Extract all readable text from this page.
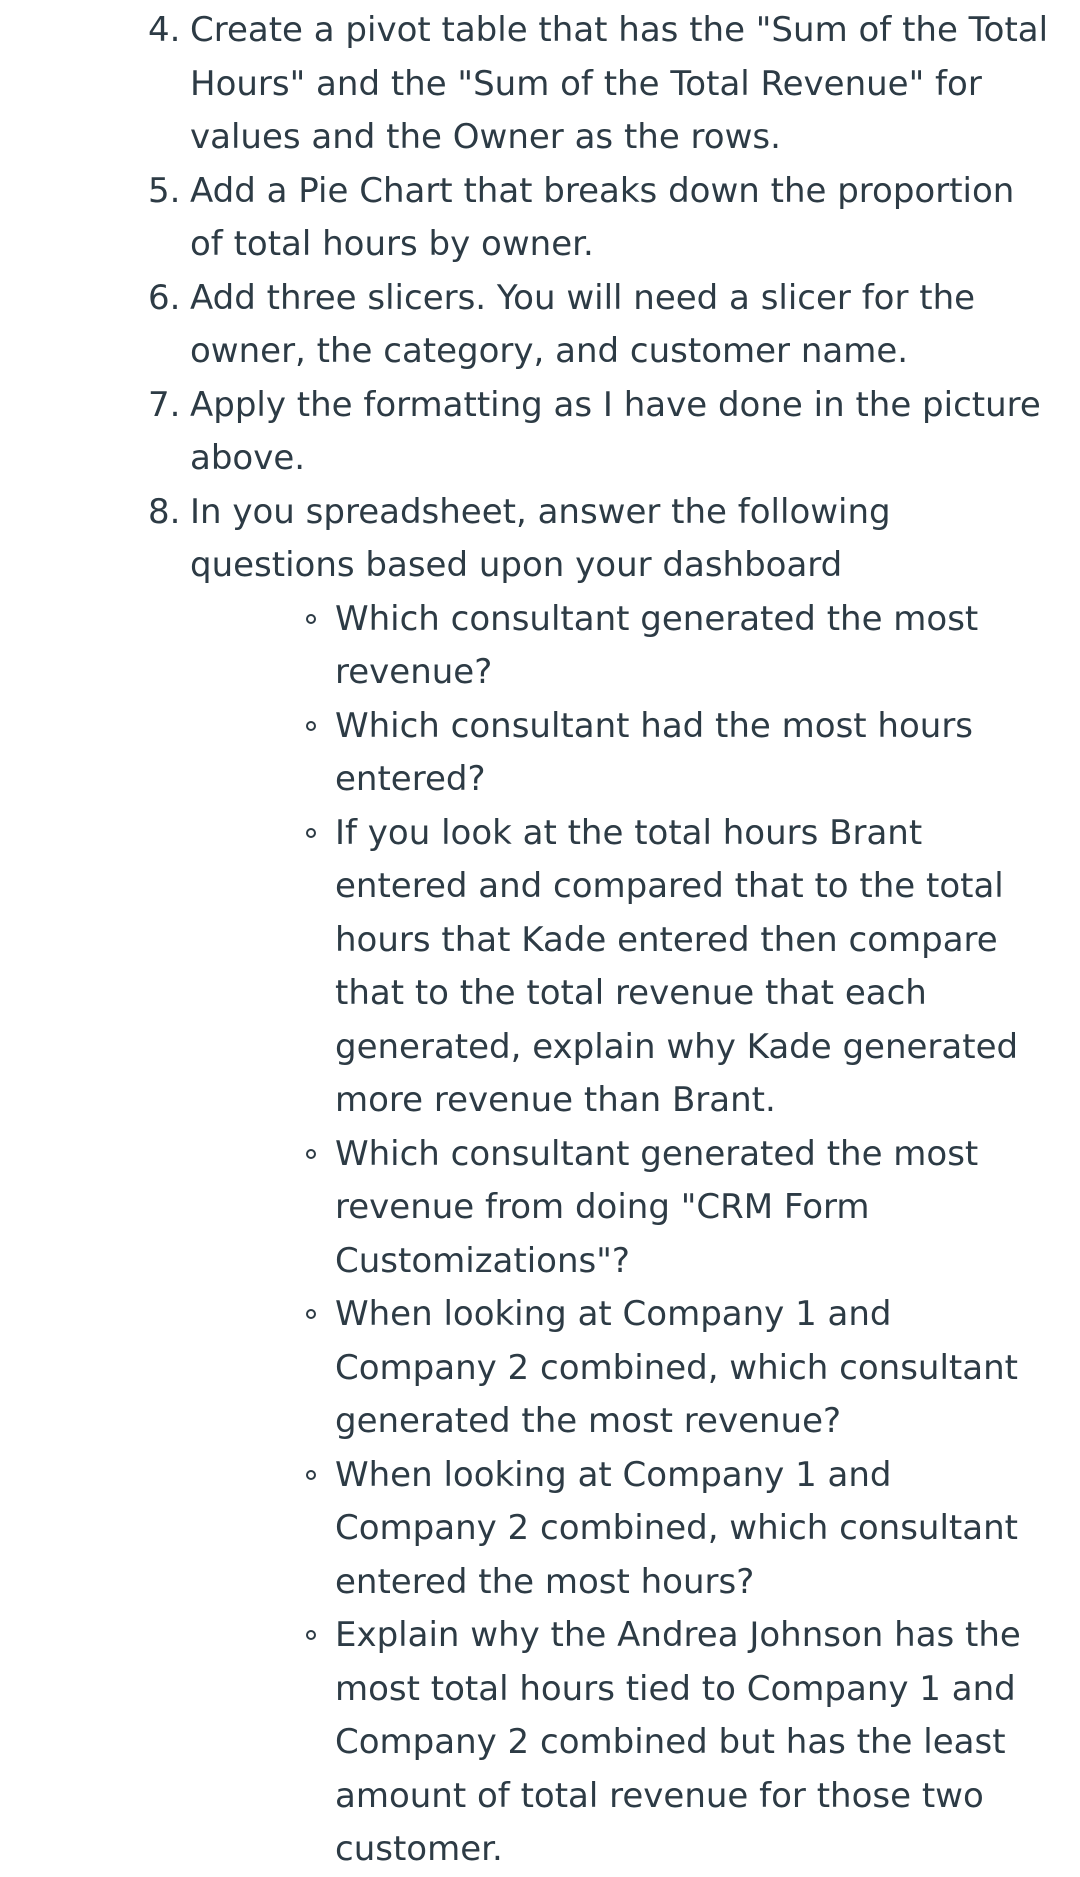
4. Create a pivot table that has the "Sum of the Total Hours" and the "Sum of the Total Revenue" for values and the Owner as the rows.
5. Add a Pie Chart that breaks down the proportion of total hours by owner.
6. Add three slicers. You will need a slicer for the owner, the category, and customer name.
7. Apply the formatting as I have done in the picture above.
8. In you spreadsheet, answer the following questions based upon your dashboard
Which consultant generated the most revenue?
Which consultant had the most hours entered?
If you look at the total hours Brant entered and compared that to the total hours that Kade entered then compare that to the total revenue that each generated, explain why Kade generated more revenue than Brant.
Which consultant generated the most revenue from doing "CRM Form Customizations"?
When looking at Company 1 and Company 2 combined, which consultant generated the most revenue?
When looking at Company 1 and Company 2 combined, which consultant entered the most hours?
Explain why the Andrea Johnson has the most total hours tied to Company 1 and Company 2 combined but has the least amount of total revenue for those two customer.
